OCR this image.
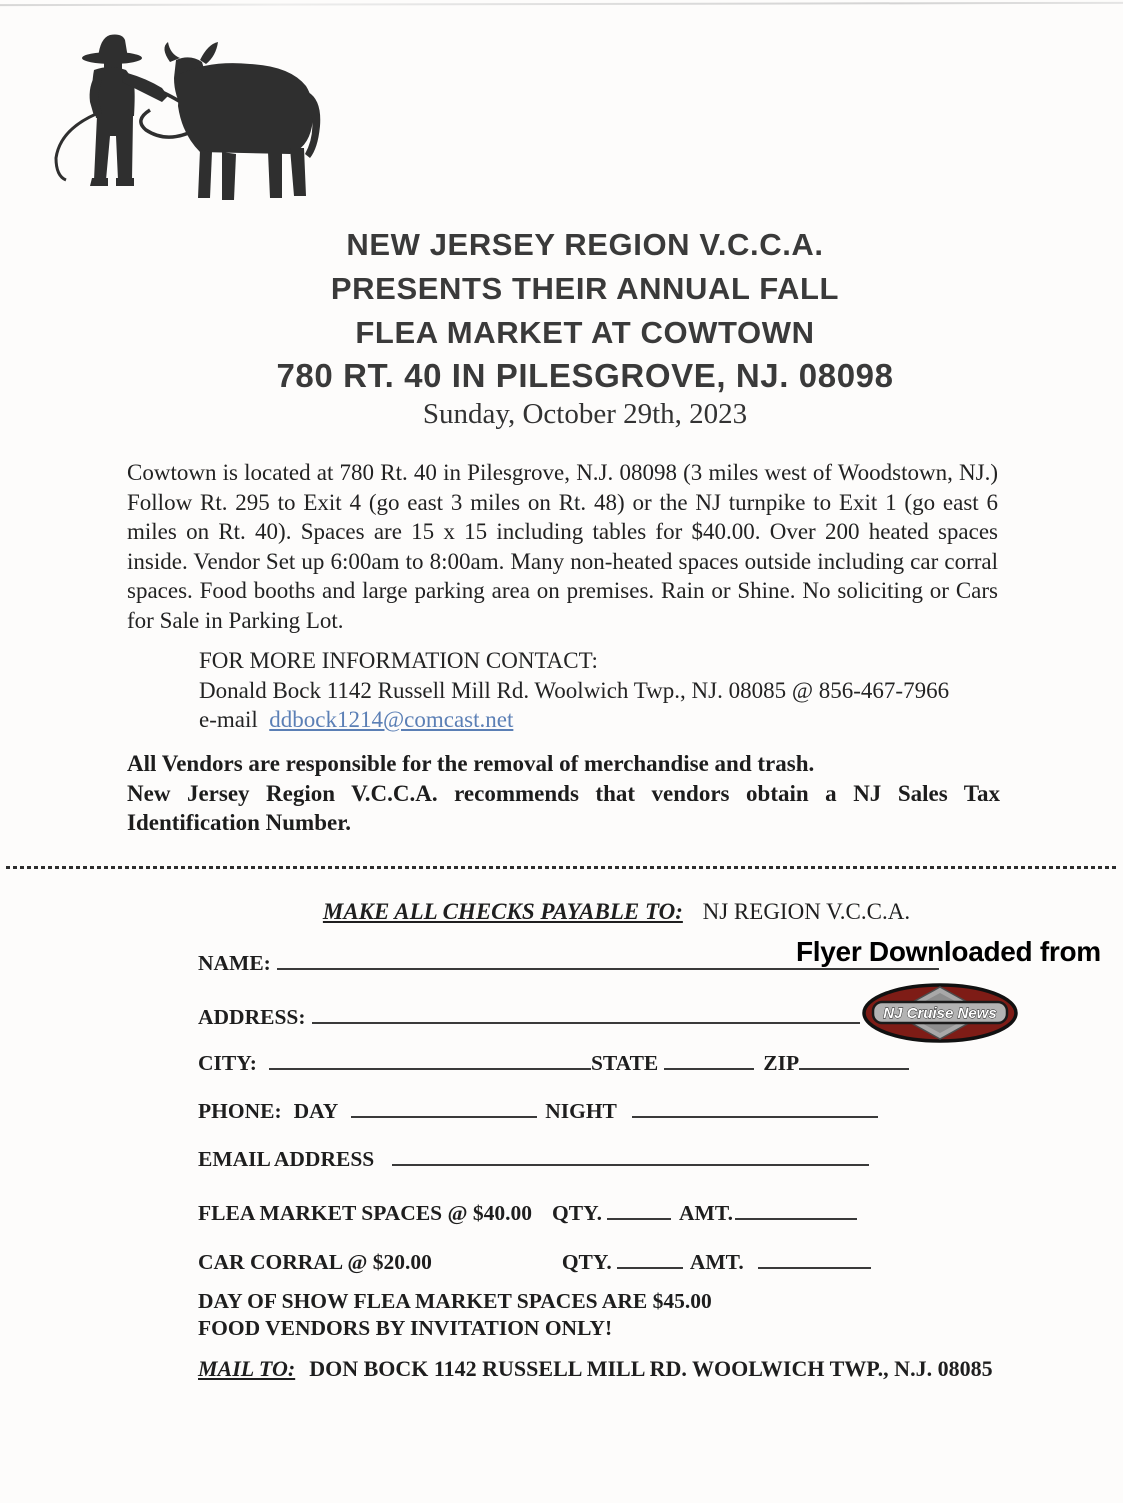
NEW JERSEY REGION V.C.C.A.
PRESENTS THEIR ANNUAL FALL
FLEA MARKET AT COWTOWN
780 RT. 40 IN PILESGROVE, NJ. 08098
Sunday, October 29th, 2023
Cowtown is located at 780 Rt. 40 in Pilesgrove, N.J. 08098 (3 miles west of Woodstown, NJ.) Follow Rt. 295 to Exit 4 (go east 3 miles on Rt. 48) or the NJ turnpike to Exit 1 (go east 6 miles on Rt. 40). Spaces are 15 x 15 including tables for $40.00. Over 200 heated spaces inside. Vendor Set up 6:00am to 8:00am. Many non-heated spaces outside including car corral spaces. Food booths and large parking area on premises. Rain or Shine. No soliciting or Cars for Sale in Parking Lot.
FOR MORE INFORMATION CONTACT:
Donald Bock 1142 Russell Mill Rd. Woolwich Twp., NJ. 08085 @ 856-467-7966
e-mail ddbock1214@comcast.net
All Vendors are responsible for the removal of merchandise and trash.
New Jersey Region V.C.C.A. recommends that vendors obtain a NJ Sales Tax Identification Number.
MAKE ALL CHECKS PAYABLE TO: NJ REGION V.C.C.A.
Flyer Downloaded from
NJ Cruise News
NAME:
ADDRESS:
CITY:	STATE	ZIP
PHONE: DAY	NIGHT
EMAIL ADDRESS
FLEA MARKET SPACES @ $40.00 QTY.	AMT.
CAR CORRAL @ $20.00	QTY.	AMT.
DAY OF SHOW FLEA MARKET SPACES ARE $45.00
FOOD VENDORS BY INVITATION ONLY!
MAIL TO: DON BOCK 1142 RUSSELL MILL RD. WOOLWICH TWP., N.J. 08085
